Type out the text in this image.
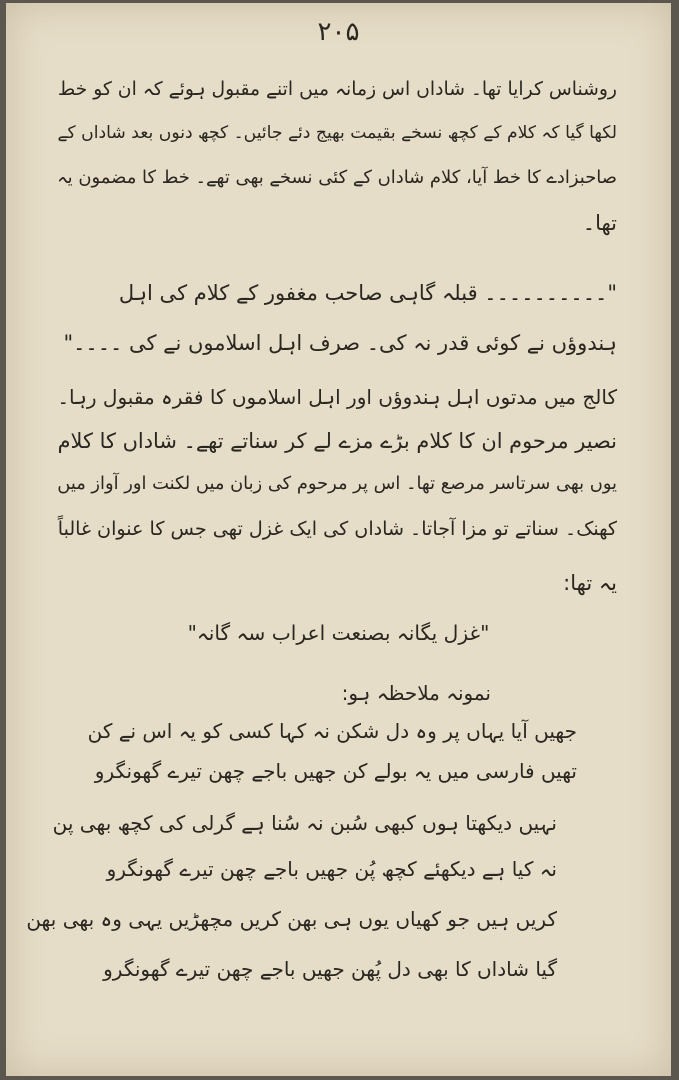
۲۰۵
روشناس کرایا تھا۔ شاداں اس زمانہ میں اتنے مقبول ہوئے کہ ان کو خط
لکھا گیا کہ کلام کے کچھ نسخے بقیمت بھیج دئے جائیں۔ کچھ دنوں بعد شاداں کے
صاحبزادے کا خط آیا، کلام شاداں کے کئی نسخے بھی تھے۔ خط کا مضمون یہ
تھا۔
"۔۔۔۔۔۔۔۔۔۔ قبلہ گاہی صاحب مغفور کے کلام کی اہل
ہندوؤں نے کوئی قدر نہ کی۔ صرف اہل اسلاموں نے کی ۔۔۔۔"
کالج میں مدتوں اہل ہندوؤں اور اہل اسلاموں کا فقرہ مقبول رہا۔
نصیر مرحوم ان کا کلام بڑے مزے لے کر سناتے تھے۔ شاداں کا کلام
یوں بھی سرتاسر مرصع تھا۔ اس پر مرحوم کی زبان میں لکنت اور آواز میں
کھنک۔ سناتے تو مزا آجاتا۔ شاداں کی ایک غزل تھی جس کا عنوان غالباً
یہ تھا:
"غزل یگانہ بصنعت اعراب سہ گانہ"
نمونہ ملاحظہ ہو:
جھیں آیا یہاں پر وہ دل شکن نہ کہا کسی کو یہ اس نے کن
تھیں فارسی میں یہ بولے کن جھیں باجے چھن تیرے گھونگرو
نہیں دیکھتا ہوں کبھی سُبن نہ سُنا ہے گرلی کی کچھ بھی پن
نہ کیا ہے دیکھئے کچھ پُن جھیں باجے چھن تیرے گھونگرو
کریں ہیں جو کھیاں یوں ہی بھن کریں مچھڑیں یہی وہ بھی بھن
گیا شاداں کا بھی دل پُھن جھیں باجے چھن تیرے گھونگرو
